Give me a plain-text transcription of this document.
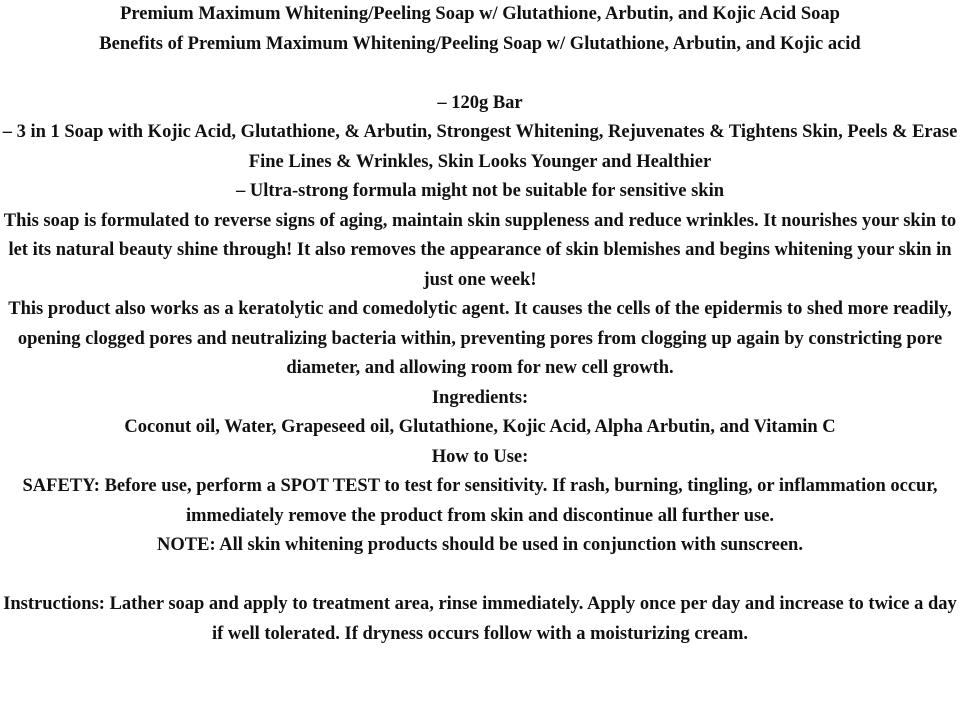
Premium Maximum Whitening/Peeling Soap w/ Glutathione, Arbutin, and Kojic Acid Soap

Benefits of Premium Maximum Whitening/Peeling Soap w/ Glutathione, Arbutin, and Kojic acid

– 120g Bar

– 3 in 1 Soap with Kojic Acid, Glutathione, & Arbutin, Strongest Whitening, Rejuvenates & Tightens Skin, Peels & Erase Fine Lines & Wrinkles, Skin Looks Younger and Healthier

– Ultra-strong formula might not be suitable for sensitive skin

This soap is formulated to reverse signs of aging, maintain skin suppleness and reduce wrinkles. It nourishes your skin to let its natural beauty shine through! It also removes the appearance of skin blemishes and begins whitening your skin in just one week!

This product also works as a keratolytic and comedolytic agent. It causes the cells of the epidermis to shed more readily, opening clogged pores and neutralizing bacteria within, preventing pores from clogging up again by constricting pore diameter, and allowing room for new cell growth.

Ingredients:

Coconut oil, Water, Grapeseed oil, Glutathione, Kojic Acid, Alpha Arbutin, and Vitamin C

How to Use:

SAFETY: Before use, perform a SPOT TEST to test for sensitivity. If rash, burning, tingling, or inflammation occur, immediately remove the product from skin and discontinue all further use.

NOTE: All skin whitening products should be used in conjunction with sunscreen.

Instructions: Lather soap and apply to treatment area, rinse immediately. Apply once per day and increase to twice a day if well tolerated. If dryness occurs follow with a moisturizing cream.
